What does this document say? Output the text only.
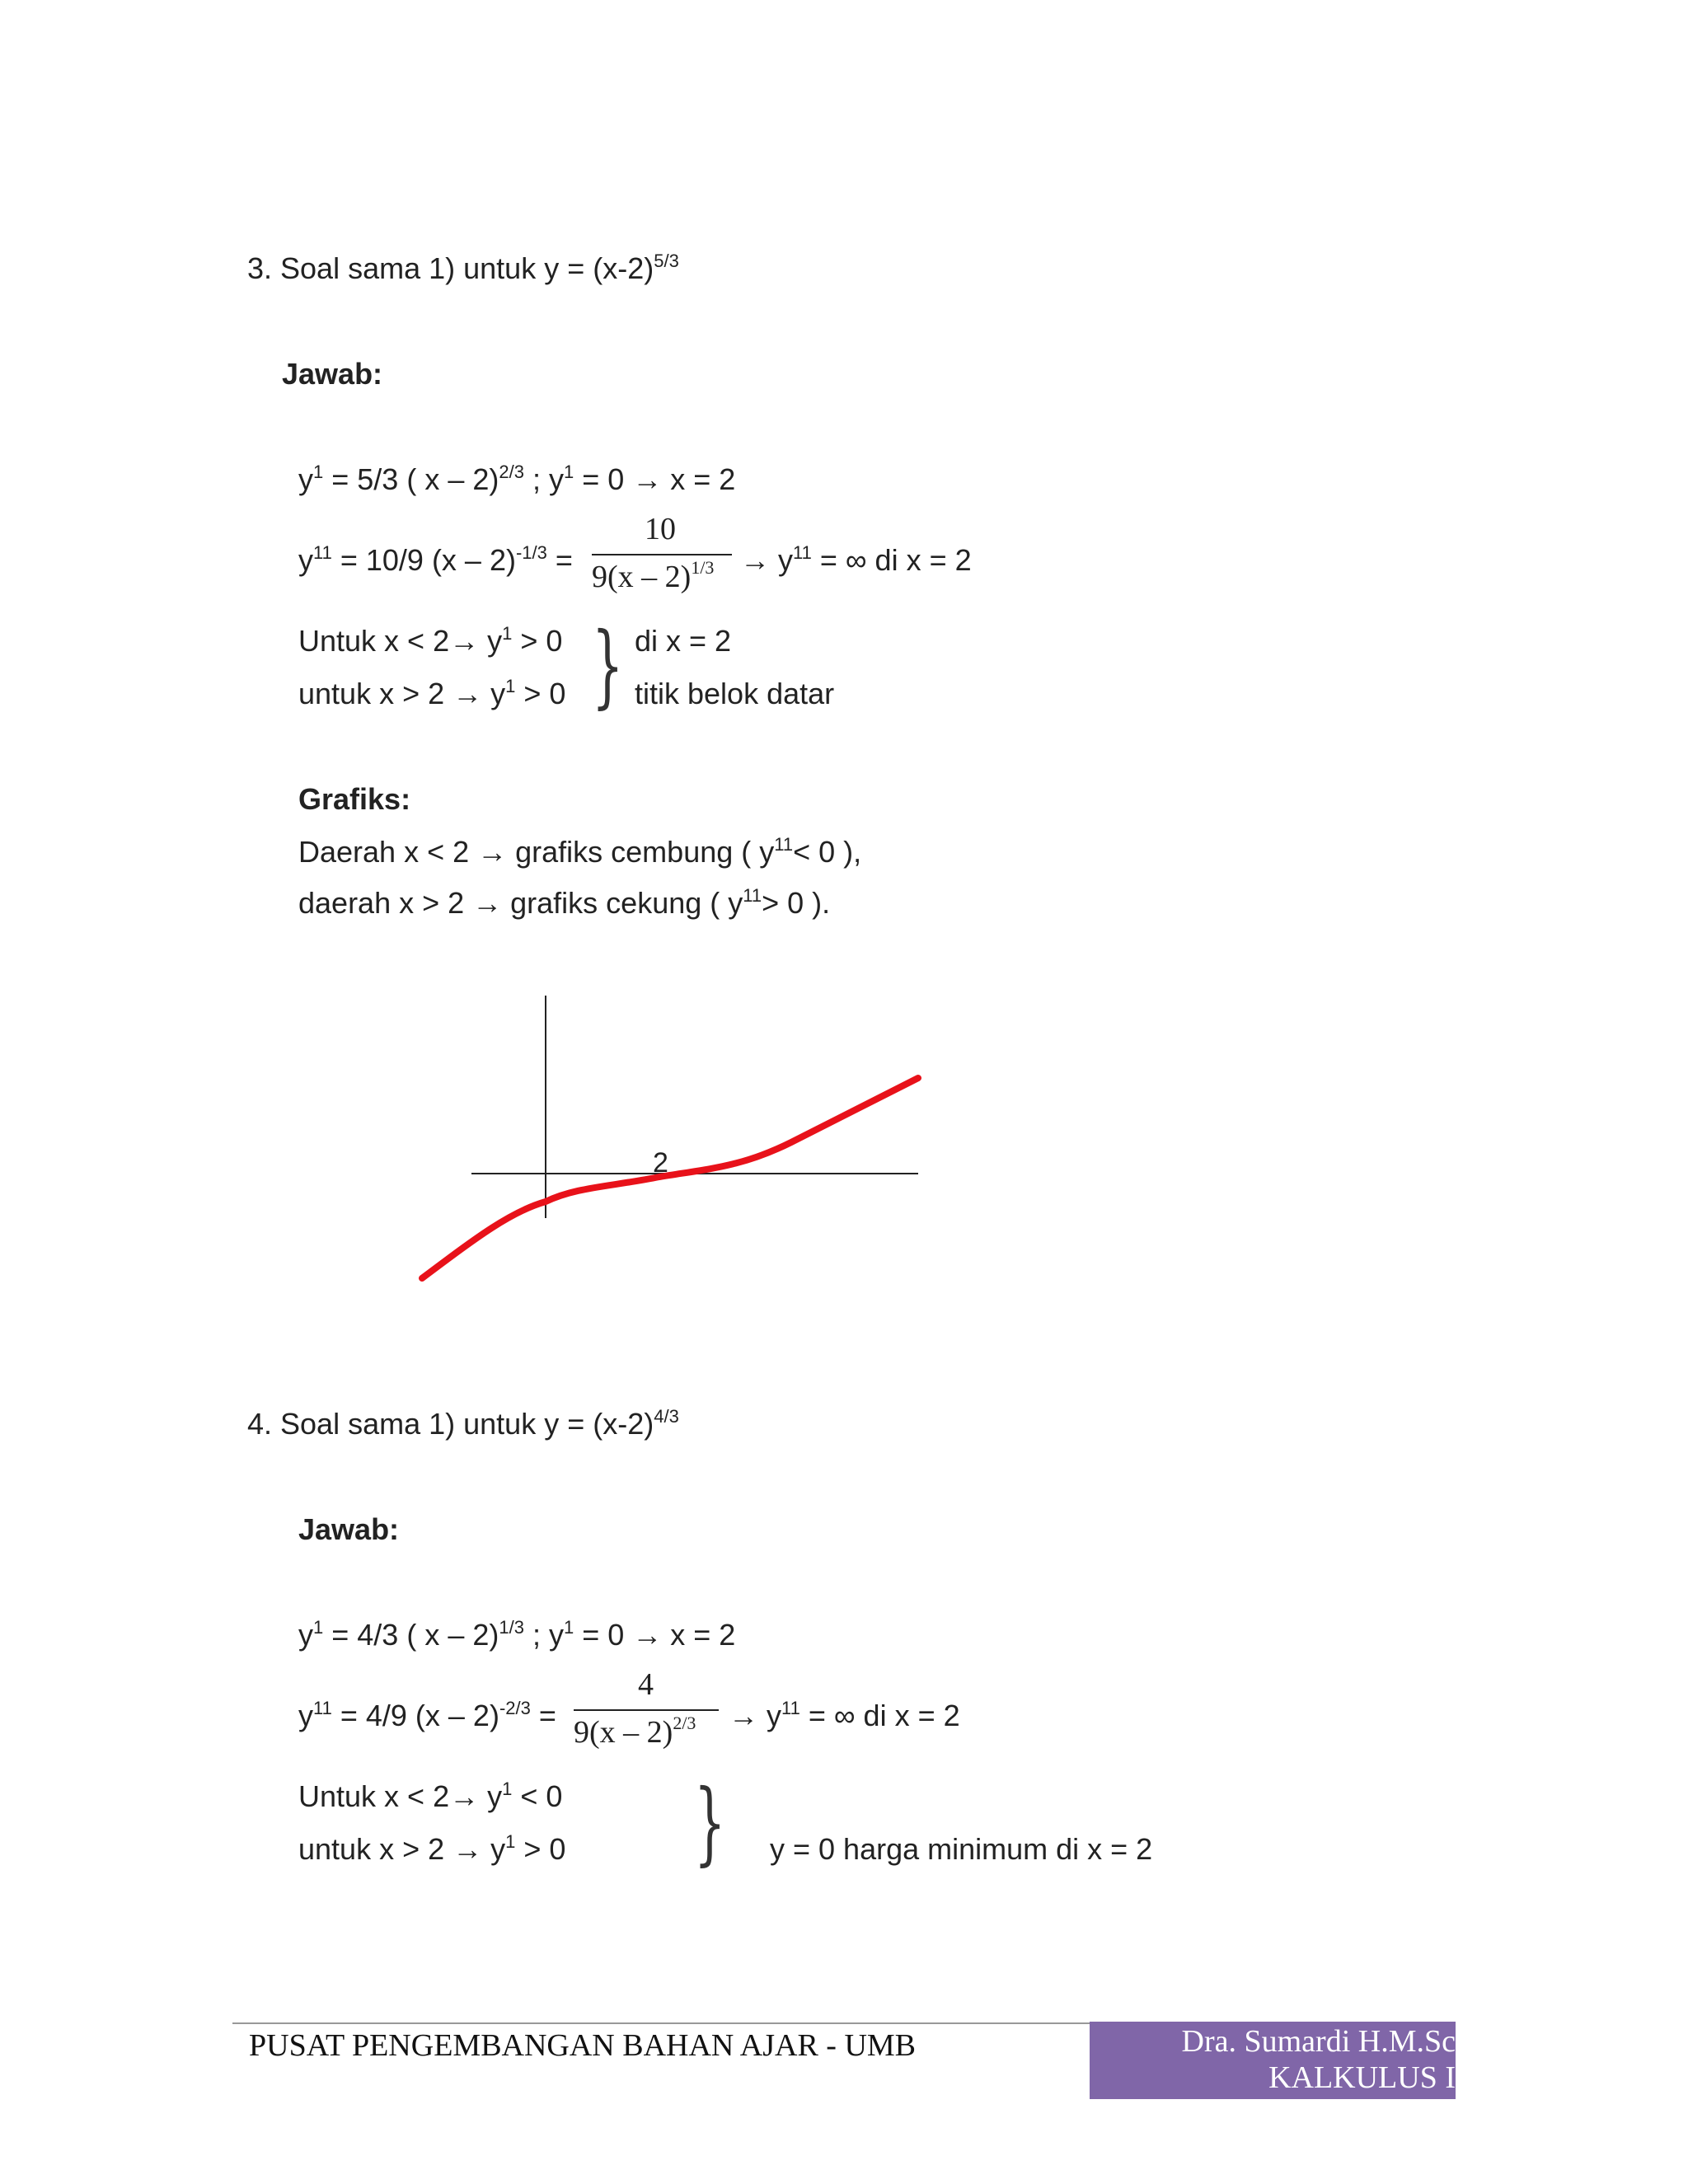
3. Soal sama 1) untuk $y = (x-2)^{5/3}$
Jawab:
$y^1 = 5/3$ ( x – 2)$^{2/3}$ ; $y^1 = 0 \to x = 2$
$y^{11} = 10/9$ (x – 2)$^{-1/3}$ =
10
$9(x - 2)^{1/3} \to y^{11}$ = ∞ di x = 2
Untuk $x < 2\to y^1 > 0$
untuk $x > 2 \to y^1 > 0$ } di x = 2
titik belok datar
Grafiks:
Daerah x < 2 → grafiks cembung ( $y^{11}< 0$ ),
daerah x > 2 → grafiks cekung ( $y^{11}> 0$ ).
2
4. Soal sama 1) untuk $y = (x-2)^{4/3}$
Jawab:
$y^1 = 4/3$ ( x – 2)$^{1/3}$ ; $y^1 = 0 \to x = 2$
$y^{11} = 4/9$ (x – 2)$^{-2/3}$ =
4
$9(x - 2)^{2/3} \to y^{11}$ = ∞ di x = 2
Untuk $x < 2\to y^1 < 0$
untuk $x > 2 \to y^1 > 0$ } y = 0 harga minimum di x = 2
PUSAT PENGEMBANGAN BAHAN AJAR - UMB	Dra. Sumardi H.M.Sc
KALKULUS I
